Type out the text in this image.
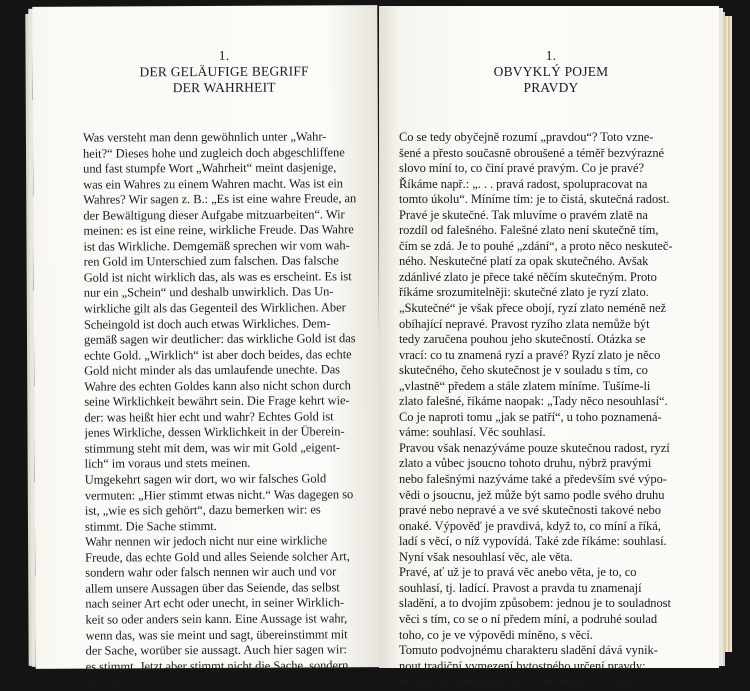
1.
DER GELÄUFIGE BEGRIFF
DER WAHRHEIT
Was versteht man denn gewöhnlich unter „Wahr-
heit?“ Dieses hohe und zugleich doch abgeschliffene
und fast stumpfe Wort „Wahrheit“ meint dasjenige,
was ein Wahres zu einem Wahren macht. Was ist ein
Wahres? Wir sagen z. B.: „Es ist eine wahre Freude, an
der Bewältigung dieser Aufgabe mitzuarbeiten“. Wir
meinen: es ist eine reine, wirkliche Freude. Das Wahre
ist das Wirkliche. Demgemäß sprechen wir vom wah-
ren Gold im Unterschied zum falschen. Das falsche
Gold ist nicht wirklich das, als was es erscheint. Es ist
nur ein „Schein“ und deshalb unwirklich. Das Un-
wirkliche gilt als das Gegenteil des Wirklichen. Aber
Scheingold ist doch auch etwas Wirkliches. Dem-
gemäß sagen wir deutlicher: das wirkliche Gold ist das
echte Gold. „Wirklich“ ist aber doch beides, das echte
Gold nicht minder als das umlaufende unechte. Das
Wahre des echten Goldes kann also nicht schon durch
seine Wirklichkeit bewährt sein. Die Frage kehrt wie-
der: was heißt hier echt und wahr? Echtes Gold ist
jenes Wirkliche, dessen Wirklichkeit in der Überein-
stimmung steht mit dem, was wir mit Gold „eigent-
lich“ im voraus und stets meinen.
Umgekehrt sagen wir dort, wo wir falsches Gold
vermuten: „Hier stimmt etwas nicht.“ Was dagegen so
ist, „wie es sich gehört“, dazu bemerken wir: es
stimmt. Die Sache stimmt.
Wahr nennen wir jedoch nicht nur eine wirkliche
Freude, das echte Gold und alles Seiende solcher Art,
sondern wahr oder falsch nennen wir auch und vor
allem unsere Aussagen über das Seiende, das selbst
nach seiner Art echt oder unecht, in seiner Wirklich-
keit so oder anders sein kann. Eine Aussage ist wahr,
wenn das, was sie meint und sagt, übereinstimmt mit
der Sache, worüber sie aussagt. Auch hier sagen wir:
es stimmt. Jetzt aber stimmt nicht die Sache, sondern
der Satz.
1.
OBVYKLÝ POJEM
PRAVDY
Co se tedy obyčejně rozumí „pravdou“? Toto vzne-
šené a přesto současně obroušené a téměř bezvýrazné
slovo míní to, co činí pravé pravým. Co je pravé?
Říkáme např.: „. . . pravá radost, spolupracovat na
tomto úkolu“. Míníme tím: je to čistá, skutečná radost.
Pravé je skutečné. Tak mluvíme o pravém zlatě na
rozdíl od falešného. Falešné zlato není skutečně tím,
čím se zdá. Je to pouhé „zdání“, a proto něco neskuteč-
ného. Neskutečné platí za opak skutečného. Avšak
zdánlivé zlato je přece také něčím skutečným. Proto
říkáme srozumitelněji: skutečné zlato je ryzí zlato.
„Skutečné“ je však přece obojí, ryzí zlato neméně než
obíhající nepravé. Pravost ryzího zlata nemůže být
tedy zaručena pouhou jeho skutečností. Otázka se
vrací: co tu znamená ryzí a pravé? Ryzí zlato je něco
skutečného, čeho skutečnost je v souladu s tím, co
„vlastně“ předem a stále zlatem míníme. Tušíme-li
zlato falešné, říkáme naopak: „Tady něco nesouhlasí“.
Co je naproti tomu „jak se patří“, u toho poznamená-
váme: souhlasí. Věc souhlasí.
Pravou však nenazýváme pouze skutečnou radost, ryzí
zlato a vůbec jsoucno tohoto druhu, nýbrž pravými
nebo falešnými nazýváme také a především své výpo-
vědi o jsoucnu, jež může být samo podle svého druhu
pravé nebo nepravé a ve své skutečnosti takové nebo
onaké. Výpověď je pravdivá, když to, co míní a říká,
ladí s věcí, o níž vypovídá. Také zde říkáme: souhlasí.
Nyní však nesouhlasí věc, ale věta.
Pravé, ať už je to pravá věc anebo věta, je to, co
souhlasí, tj. ladící. Pravost a pravda tu znamenají
sladění, a to dvojím způsobem: jednou je to souladnost
věci s tím, co se o ní předem míní, a podruhé soulad
toho, co je ve výpovědi míněno, s věcí.
Tomuto podvojnému charakteru sladění dává vynik-
nout tradiční vymezení bytostného určení pravdy:
veritas est adaequatio rei et intellectus. To může
